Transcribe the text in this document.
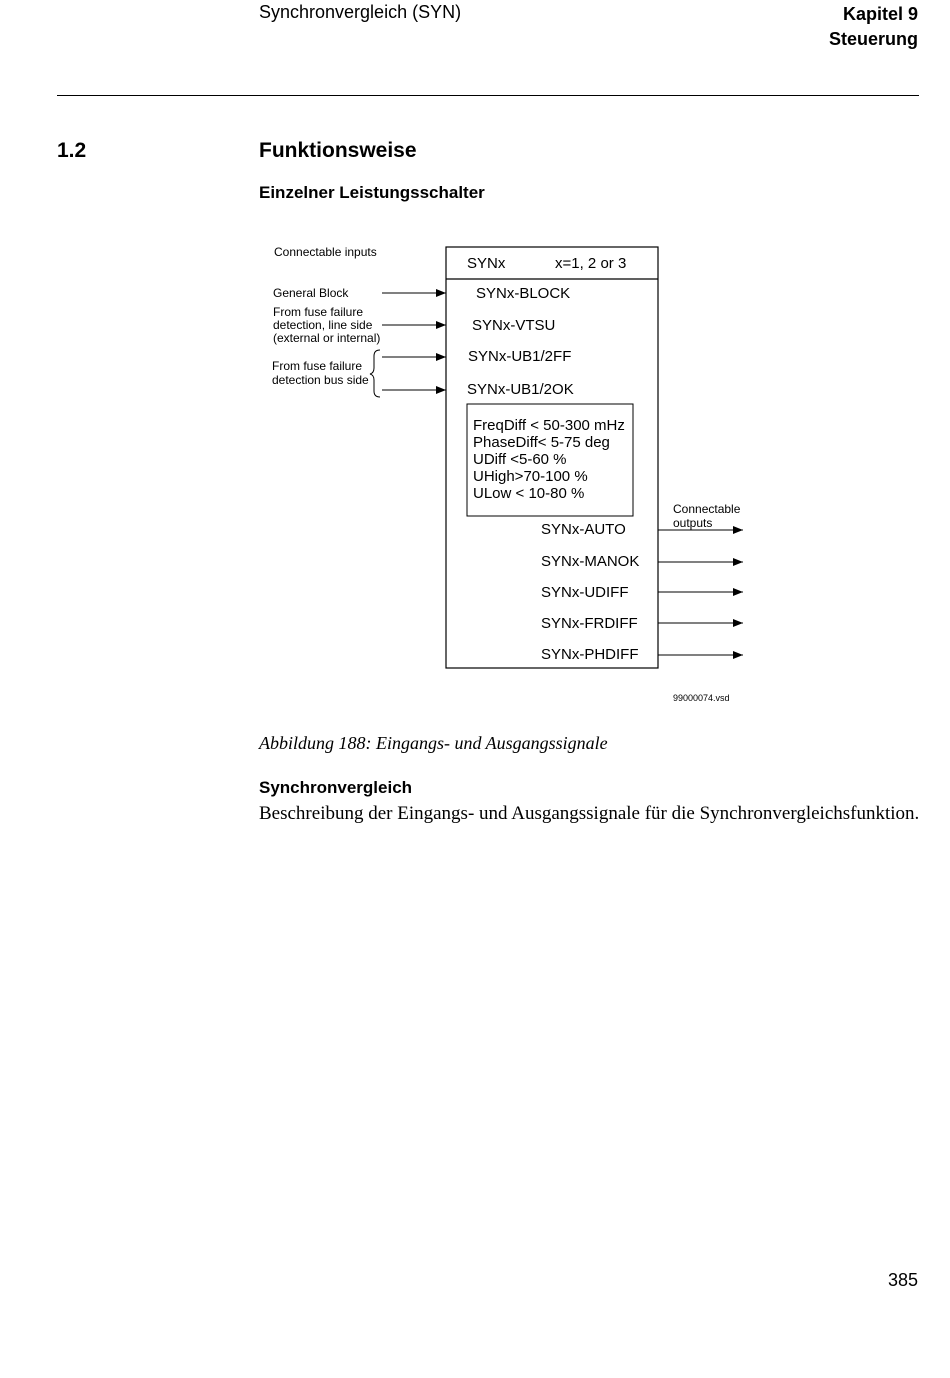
Synchronvergleich (SYN)	Kapitel 9
Steuerung
1.2	Funktionsweise
Einzelner Leistungsschalter
Connectable inputs
General Block
From fuse failure
detection, line side
(external or internal)
From fuse failure
detection bus side
SYNx	x=1, 2 or 3
SYNx-BLOCK
SYNx-VTSU
SYNx-UB1/2FF
SYNx-UB1/2OK
FreqDiff < 50-300 mHz
PhaseDiff< 5-75 deg
UDiff <5-60 %
UHigh>70-100 %
ULow < 10-80 %
SYNx-AUTO
SYNx-MANOK
SYNx-UDIFF
SYNx-FRDIFF
SYNx-PHDIFF
Connectable
outputs
99000074.vsd
Abbildung 188: Eingangs- und Ausgangssignale
Synchronvergleich
Beschreibung der Eingangs- und Ausgangssignale für die Synchronvergleichsfunktion.
385
